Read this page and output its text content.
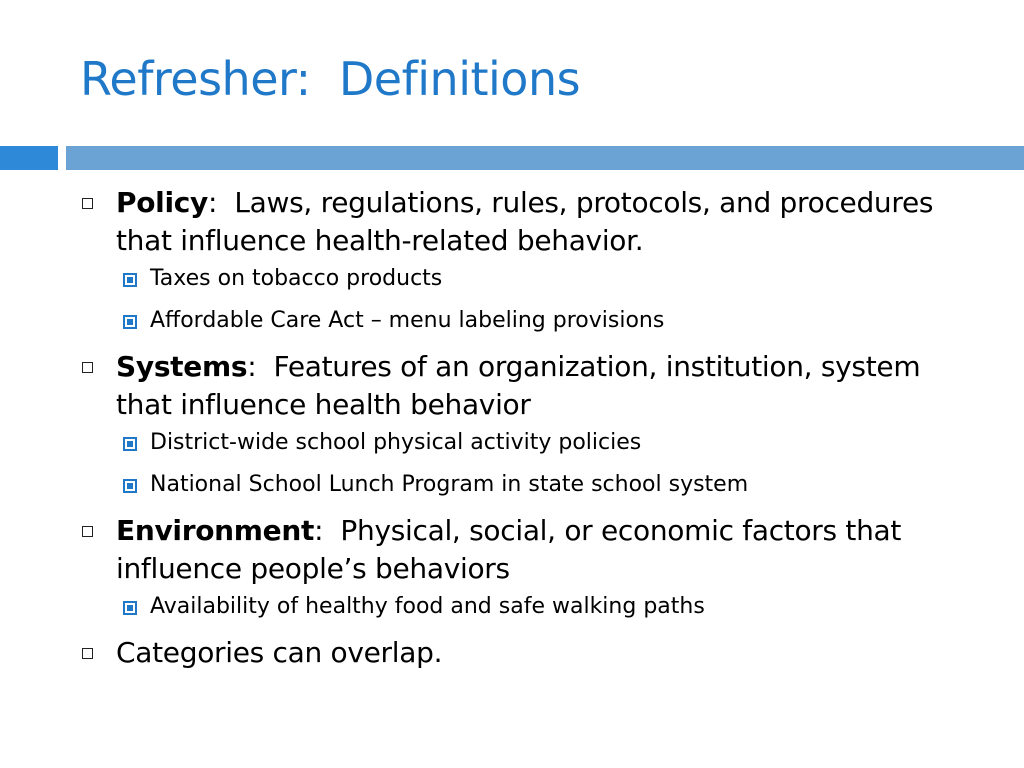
Refresher:  Definitions
Policy:  Laws, regulations, rules, protocols, and procedures that influence health-related behavior.
Taxes on tobacco products
Affordable Care Act – menu labeling provisions
Systems:  Features of an organization, institution, system that influence health behavior
District-wide school physical activity policies
National School Lunch Program in state school system
Environment:  Physical, social, or economic factors that influence people’s behaviors
Availability of healthy food and safe walking paths
Categories can overlap.
